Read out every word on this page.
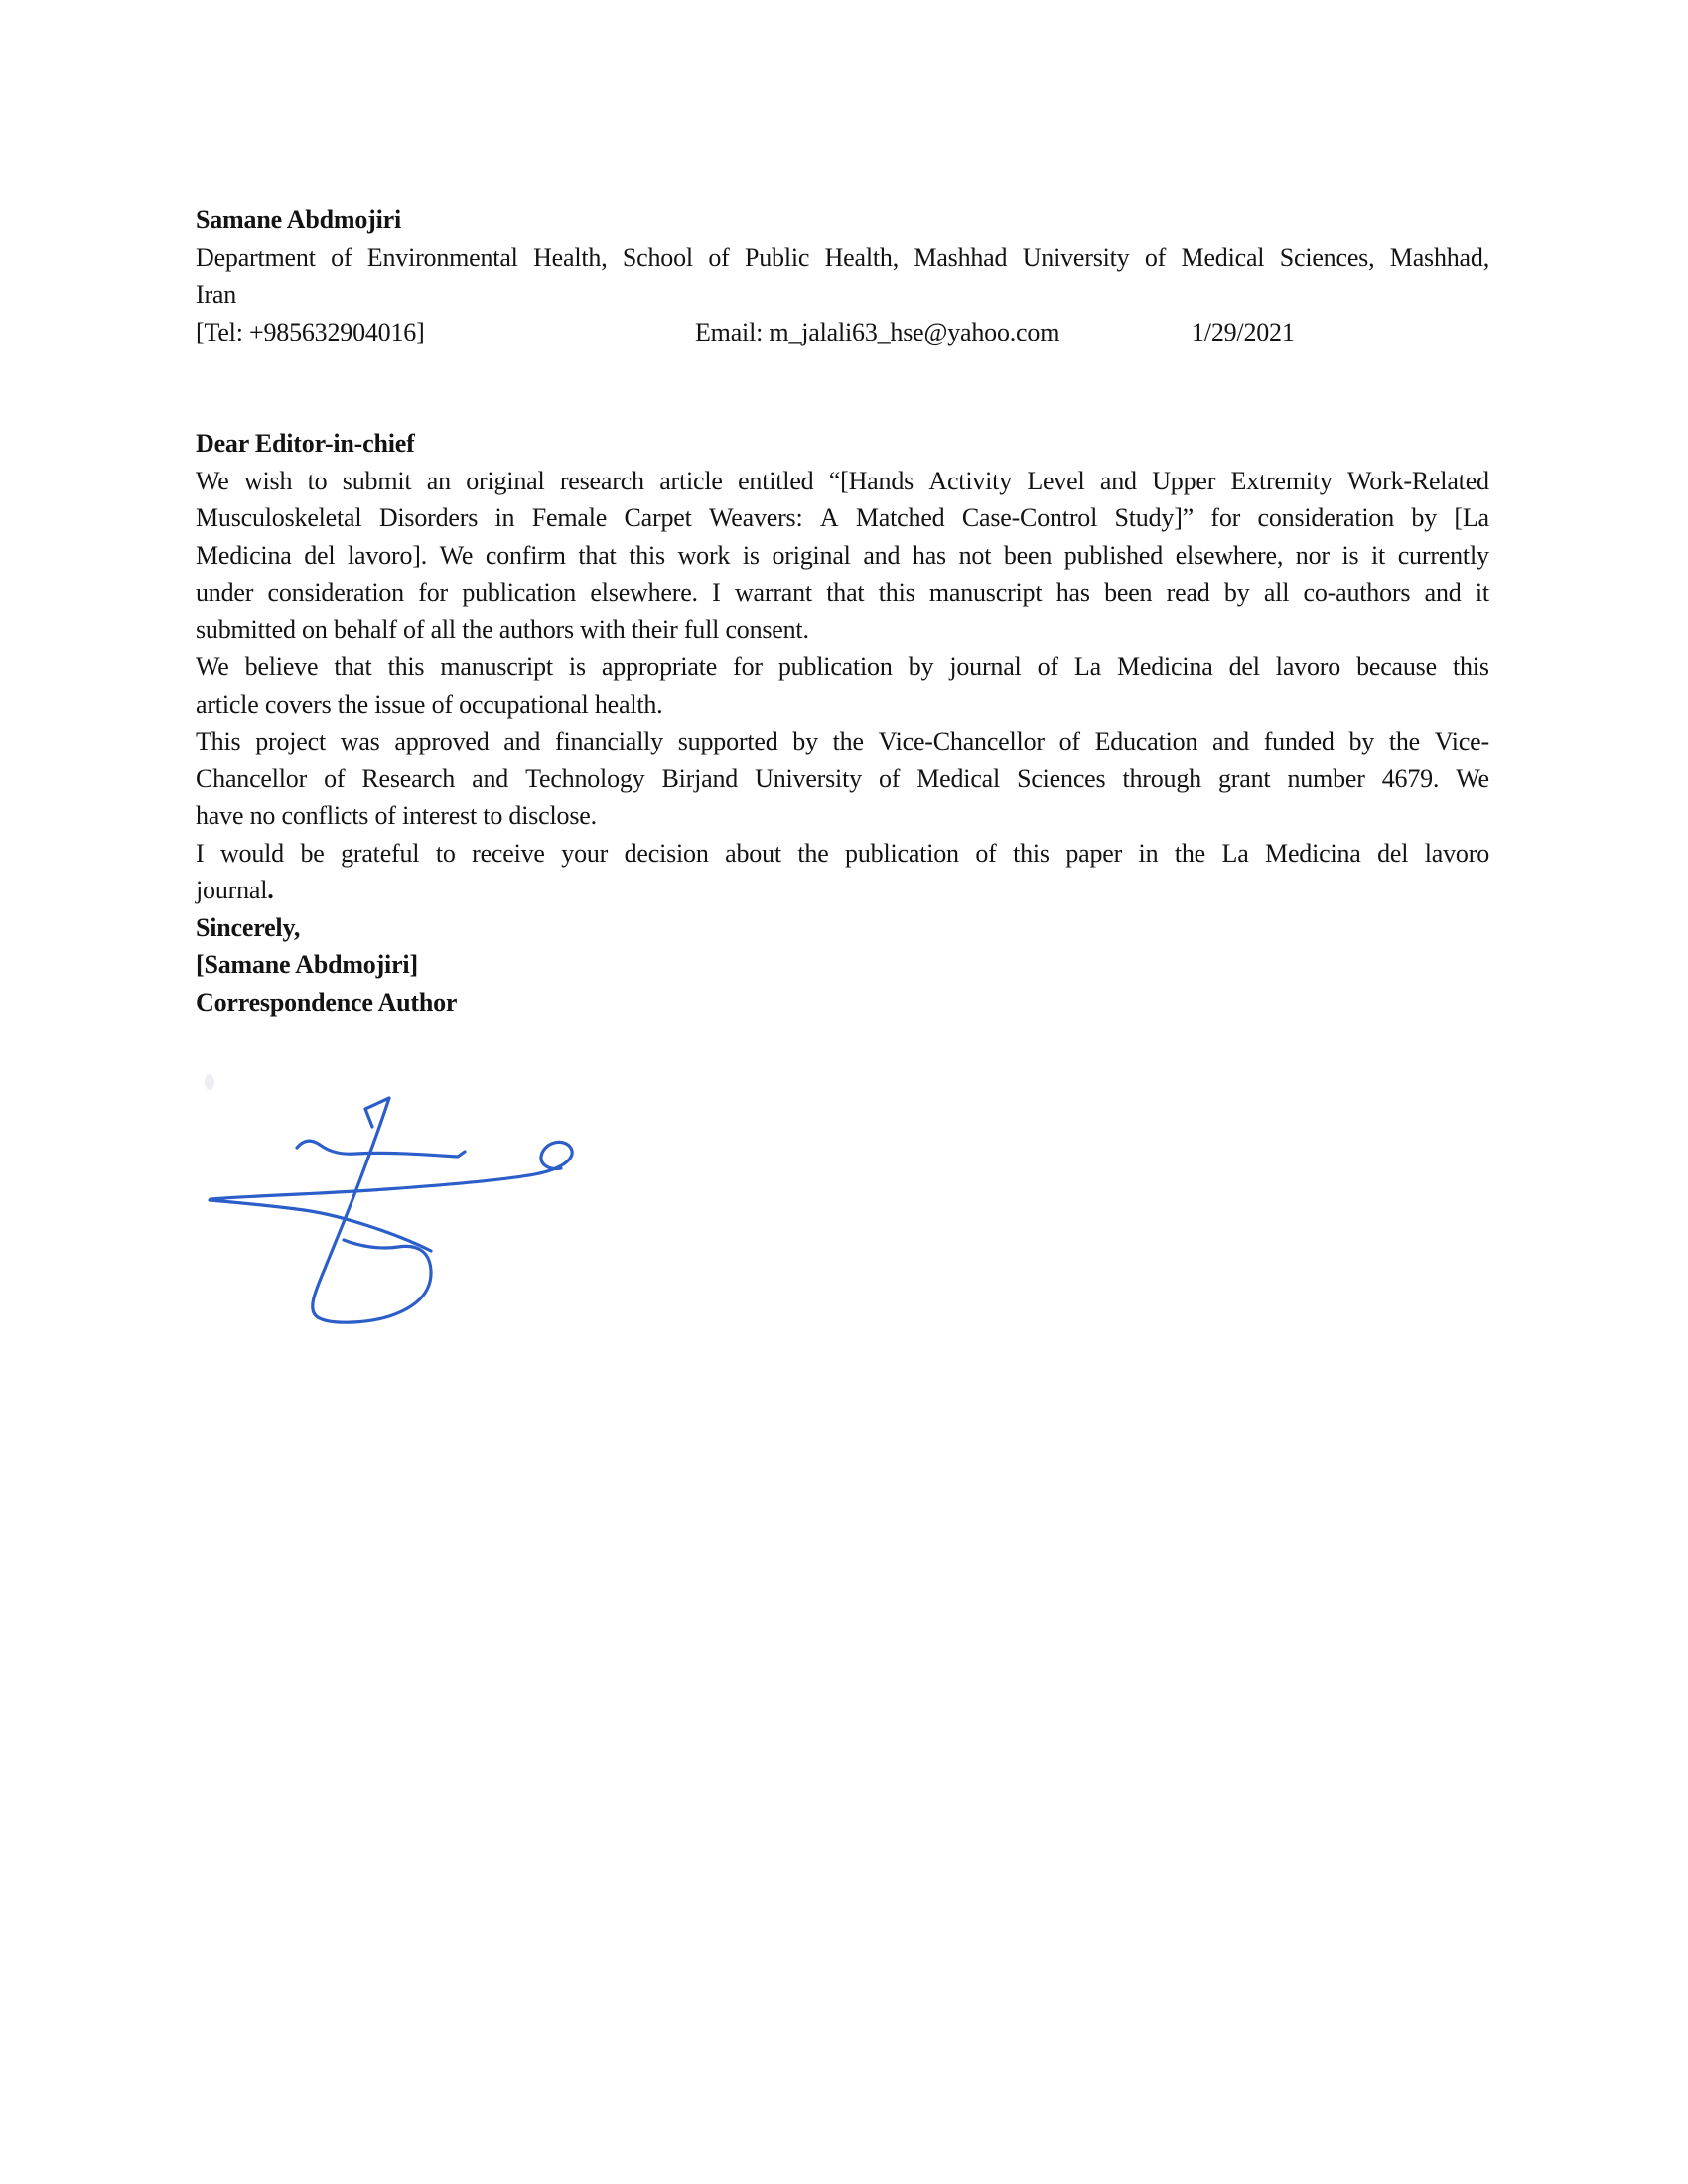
Samane Abdmojiri
Department of Environmental Health, School of Public Health, Mashhad University of Medical Sciences, Mashhad,
Iran
[Tel: +985632904016]	Email: m_jalali63_hse@yahoo.com	1/29/2021
Dear Editor-in-chief
We wish to submit an original research article entitled “[Hands Activity Level and Upper Extremity Work-Related
Musculoskeletal Disorders in Female Carpet Weavers: A Matched Case-Control Study]” for consideration by [La
Medicina del lavoro]. We confirm that this work is original and has not been published elsewhere, nor is it currently
under consideration for publication elsewhere. I warrant that this manuscript has been read by all co-authors and it
submitted on behalf of all the authors with their full consent.
We believe that this manuscript is appropriate for publication by journal of La Medicina del lavoro because this
article covers the issue of occupational health.
This project was approved and financially supported by the Vice-Chancellor of Education and funded by the Vice-
Chancellor of Research and Technology Birjand University of Medical Sciences through grant number 4679. We
have no conflicts of interest to disclose.
I would be grateful to receive your decision about the publication of this paper in the La Medicina del lavoro
journal.
Sincerely,
[Samane Abdmojiri]
Correspondence Author
